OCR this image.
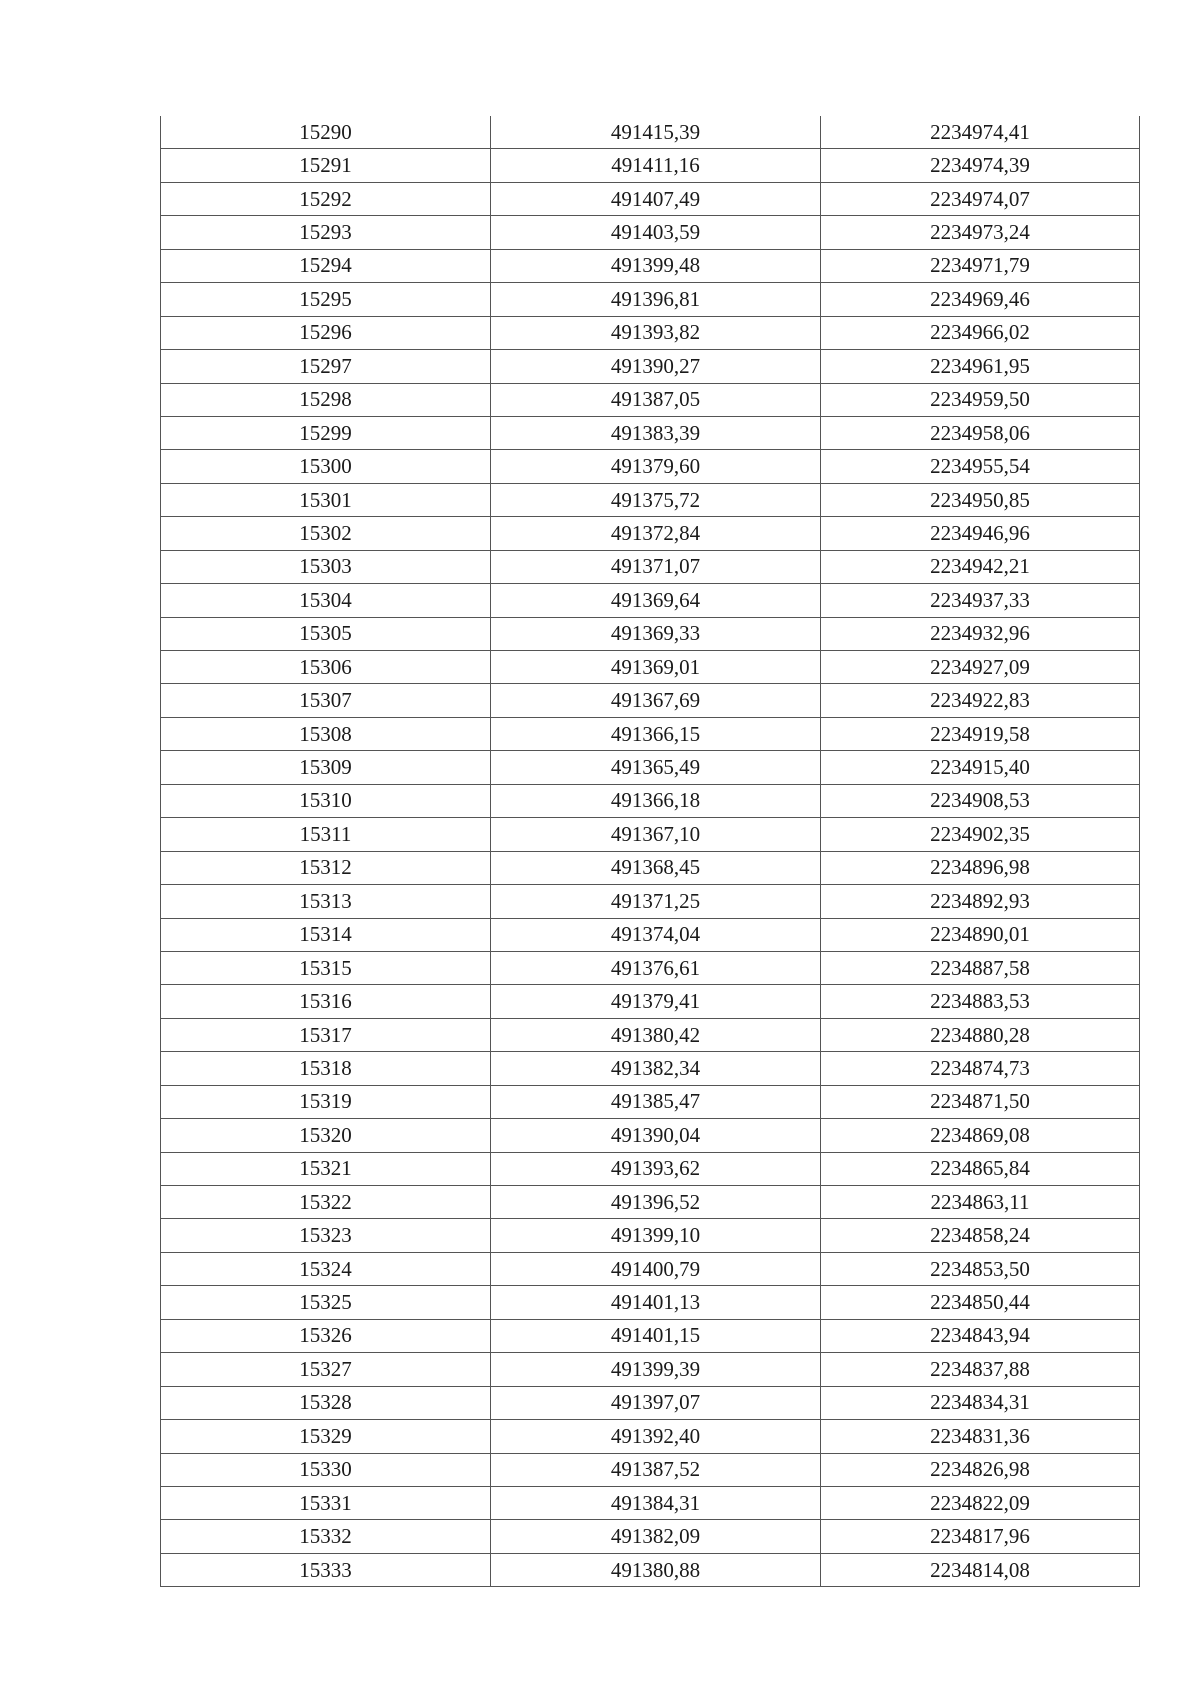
15290	491415,39	2234974,41
15291	491411,16	2234974,39
15292	491407,49	2234974,07
15293	491403,59	2234973,24
15294	491399,48	2234971,79
15295	491396,81	2234969,46
15296	491393,82	2234966,02
15297	491390,27	2234961,95
15298	491387,05	2234959,50
15299	491383,39	2234958,06
15300	491379,60	2234955,54
15301	491375,72	2234950,85
15302	491372,84	2234946,96
15303	491371,07	2234942,21
15304	491369,64	2234937,33
15305	491369,33	2234932,96
15306	491369,01	2234927,09
15307	491367,69	2234922,83
15308	491366,15	2234919,58
15309	491365,49	2234915,40
15310	491366,18	2234908,53
15311	491367,10	2234902,35
15312	491368,45	2234896,98
15313	491371,25	2234892,93
15314	491374,04	2234890,01
15315	491376,61	2234887,58
15316	491379,41	2234883,53
15317	491380,42	2234880,28
15318	491382,34	2234874,73
15319	491385,47	2234871,50
15320	491390,04	2234869,08
15321	491393,62	2234865,84
15322	491396,52	2234863,11
15323	491399,10	2234858,24
15324	491400,79	2234853,50
15325	491401,13	2234850,44
15326	491401,15	2234843,94
15327	491399,39	2234837,88
15328	491397,07	2234834,31
15329	491392,40	2234831,36
15330	491387,52	2234826,98
15331	491384,31	2234822,09
15332	491382,09	2234817,96
15333	491380,88	2234814,08
